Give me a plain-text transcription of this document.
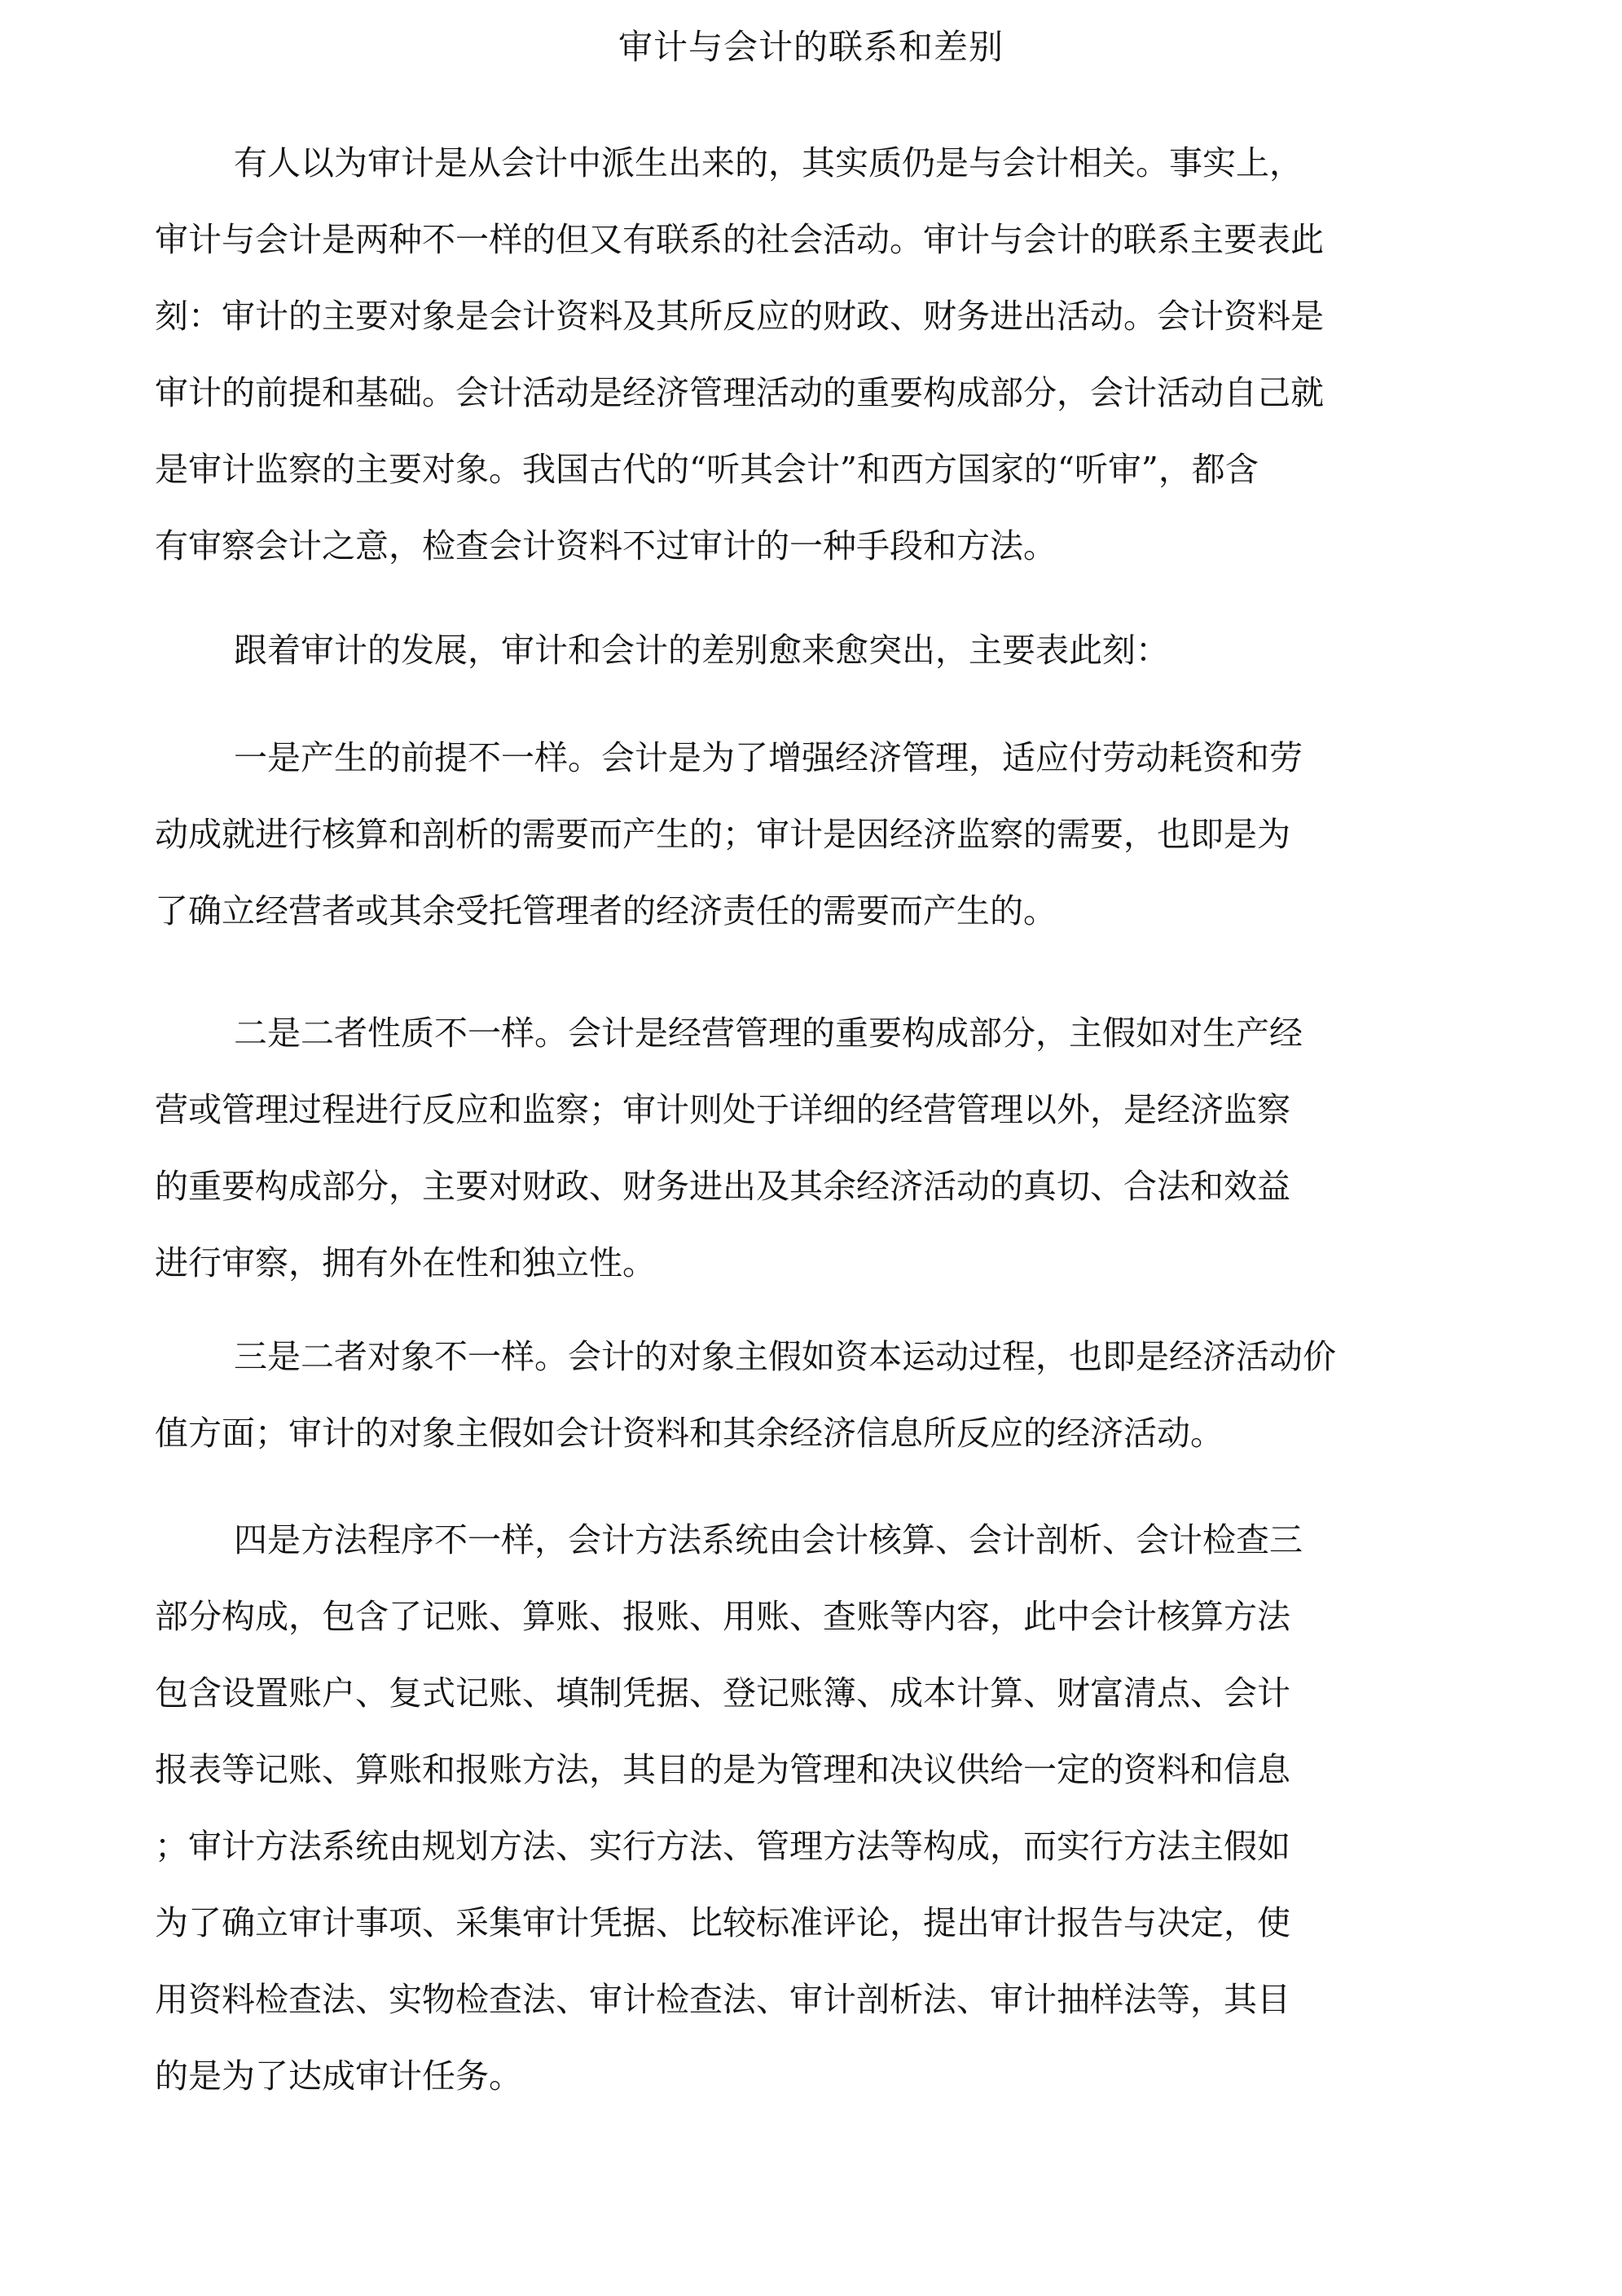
审计与会计的联系和差别

有人以为审计是从会计中派生出来的，其实质仍是与会计相关。事实上，

审计与会计是两种不一样的但又有联系的社会活动。审计与会计的联系主要表此

刻：审计的主要对象是会计资料及其所反应的财政、财务进出活动。会计资料是

审计的前提和基础。会计活动是经济管理活动的重要构成部分，会计活动自己就

是审计监察的主要对象。我国古代的“听其会计”和西方国家的“听审”，都含

有审察会计之意，检查会计资料不过审计的一种手段和方法。

跟着审计的发展，审计和会计的差别愈来愈突出，主要表此刻：

一是产生的前提不一样。会计是为了增强经济管理，适应付劳动耗资和劳

动成就进行核算和剖析的需要而产生的；审计是因经济监察的需要，也即是为

了确立经营者或其余受托管理者的经济责任的需要而产生的。

二是二者性质不一样。会计是经营管理的重要构成部分，主假如对生产经

营或管理过程进行反应和监察；审计则处于详细的经营管理以外，是经济监察

的重要构成部分，主要对财政、财务进出及其余经济活动的真切、合法和效益

进行审察，拥有外在性和独立性。

三是二者对象不一样。会计的对象主假如资本运动过程，也即是经济活动价

值方面；审计的对象主假如会计资料和其余经济信息所反应的经济活动。

四是方法程序不一样，会计方法系统由会计核算、会计剖析、会计检查三

部分构成，包含了记账、算账、报账、用账、查账等内容，此中会计核算方法

包含设置账户、复式记账、填制凭据、登记账簿、成本计算、财富清点、会计

报表等记账、算账和报账方法，其目的是为管理和决议供给一定的资料和信息

；审计方法系统由规划方法、实行方法、管理方法等构成，而实行方法主假如

为了确立审计事项、采集审计凭据、比较标准评论，提出审计报告与决定，使

用资料检查法、实物检查法、审计检查法、审计剖析法、审计抽样法等，其目

的是为了达成审计任务。
